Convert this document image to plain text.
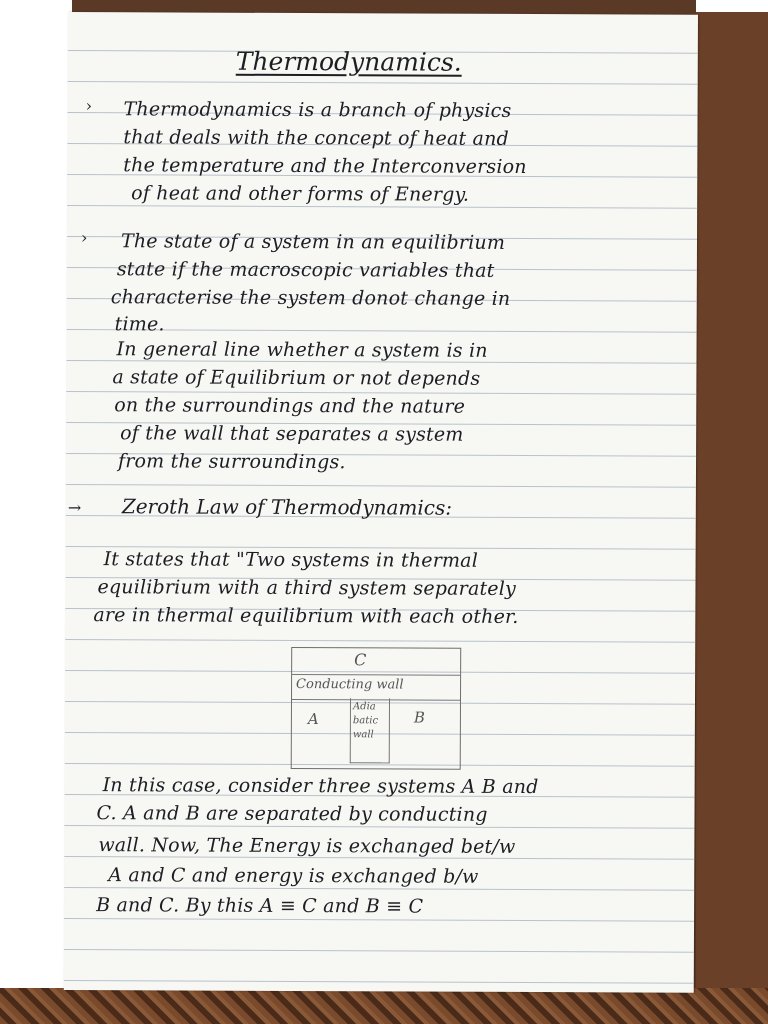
Thermodynamics.
› Thermodynamics is a branch of physics
that deals with the concept of heat and
the temperature and the Interconversion
of heat and other forms of Energy.
› The state of a system in an equilibrium
state if the macroscopic variables that
characterise the system donot change in
time.
In general line whether a system is in
a state of Equilibrium or not depends
on the surroundings and the nature
of the wall that separates a system
from the surroundings.
→ Zeroth Law of Thermodynamics:
It states that "Two systems in thermal
equilibrium with a third system separately
are in thermal equilibrium with each other.
C
Conducting wall
A
Adia batic wall
B
In this case, consider three systems A B and
C. A and B are separated by conducting
wall. Now, The Energy is exchanged bet/w
A and C and energy is exchanged b/w
B and C. By this A ≡ C and B ≡ C
